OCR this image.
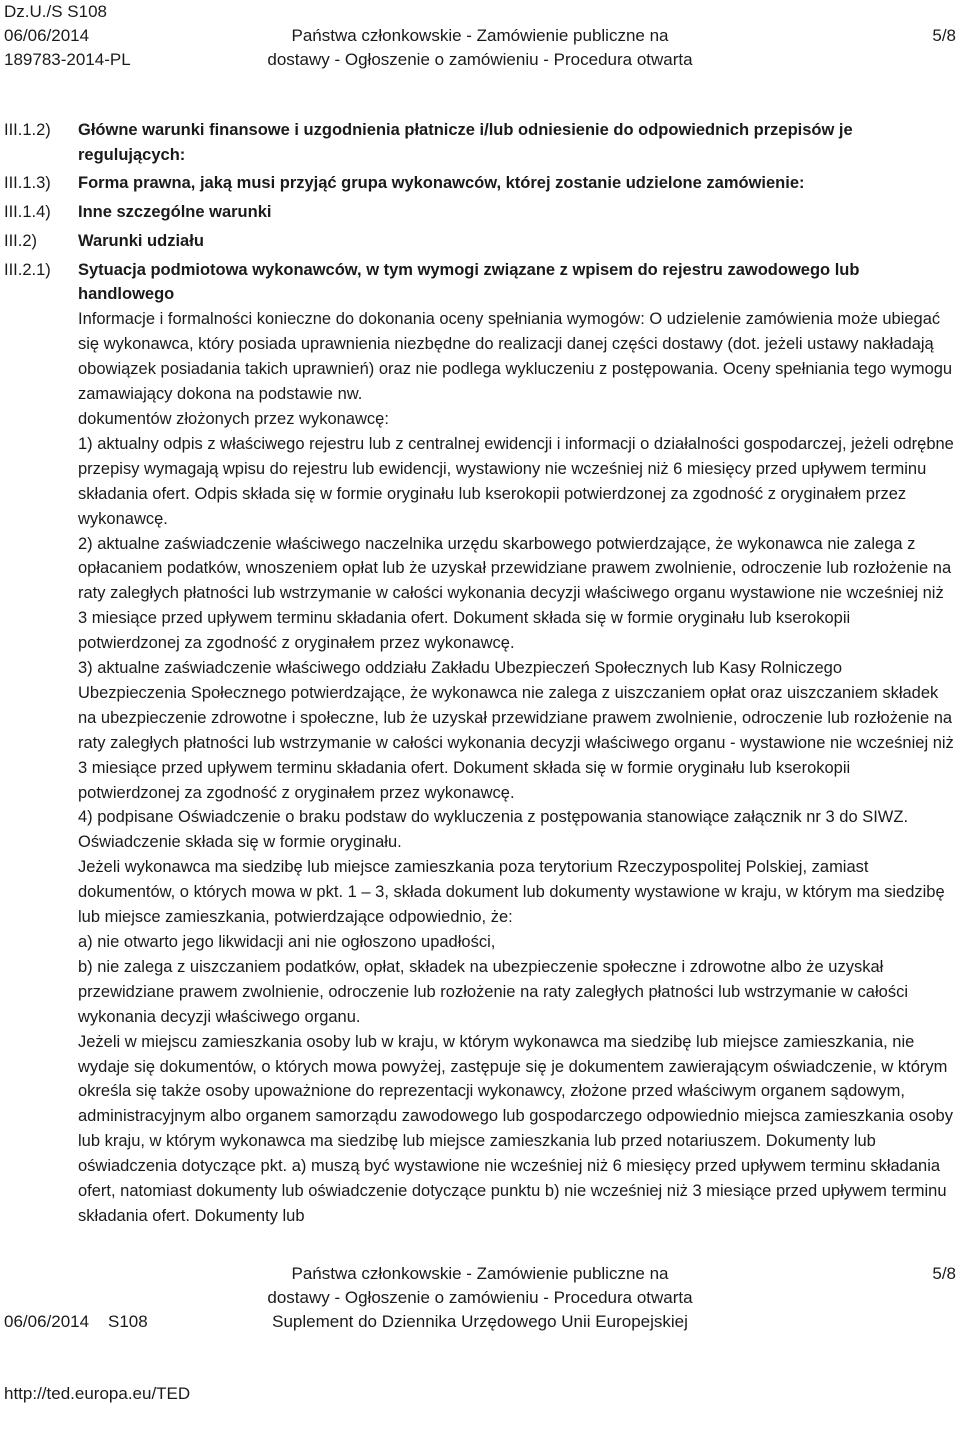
Dz.U./S S108
06/06/2014
189783-2014-PL
Państwa członkowskie - Zamówienie publiczne na
dostawy - Ogłoszenie o zamówieniu - Procedura otwarta
5/8
III.1.2)	Główne warunki finansowe i uzgodnienia płatnicze i/lub odniesienie do odpowiednich przepisów je regulujących:
III.1.3)	Forma prawna, jaką musi przyjąć grupa wykonawców, której zostanie udzielone zamówienie:
III.1.4)	Inne szczególne warunki
III.2)	Warunki udziału
III.2.1)	Sytuacja podmiotowa wykonawców, w tym wymogi związane z wpisem do rejestru zawodowego lub handlowego

Informacje i formalności konieczne do dokonania oceny spełniania wymogów: O udzielenie zamówienia może ubiegać się wykonawca, który posiada uprawnienia niezbędne do realizacji danej części dostawy (dot. jeżeli ustawy nakładają obowiązek posiadania takich uprawnień) oraz nie podlega wykluczeniu z postępowania. Oceny spełniania tego wymogu zamawiający dokona na podstawie nw.

dokumentów złożonych przez wykonawcę:

1) aktualny odpis z właściwego rejestru lub z centralnej ewidencji i informacji o działalności gospodarczej, jeżeli odrębne przepisy wymagają wpisu do rejestru lub ewidencji, wystawiony nie wcześniej niż 6 miesięcy przed upływem terminu składania ofert. Odpis składa się w formie oryginału lub kserokopii potwierdzonej za zgodność z oryginałem przez wykonawcę.

2) aktualne zaświadczenie właściwego naczelnika urzędu skarbowego potwierdzające, że wykonawca nie zalega z opłacaniem podatków, wnoszeniem opłat lub że uzyskał przewidziane prawem zwolnienie, odroczenie lub rozłożenie na raty zaległych płatności lub wstrzymanie w całości wykonania decyzji właściwego organu wystawione nie wcześniej niż 3 miesiące przed upływem terminu składania ofert. Dokument składa się w formie oryginału lub kserokopii potwierdzonej za zgodność z oryginałem przez wykonawcę.

3) aktualne zaświadczenie właściwego oddziału Zakładu Ubezpieczeń Społecznych lub Kasy Rolniczego Ubezpieczenia Społecznego potwierdzające, że wykonawca nie zalega z uiszczaniem opłat oraz uiszczaniem składek na ubezpieczenie zdrowotne i społeczne, lub że uzyskał przewidziane prawem zwolnienie, odroczenie lub rozłożenie na raty zaległych płatności lub wstrzymanie w całości wykonania decyzji właściwego organu - wystawione nie wcześniej niż 3 miesiące przed upływem terminu składania ofert. Dokument składa się w formie oryginału lub kserokopii potwierdzonej za zgodność z oryginałem przez wykonawcę.

4) podpisane Oświadczenie o braku podstaw do wykluczenia z postępowania stanowiące załącznik nr 3 do SIWZ. Oświadczenie składa się w formie oryginału.

Jeżeli wykonawca ma siedzibę lub miejsce zamieszkania poza terytorium Rzeczypospolitej Polskiej, zamiast dokumentów, o których mowa w pkt. 1 – 3, składa dokument lub dokumenty wystawione w kraju, w którym ma siedzibę lub miejsce zamieszkania, potwierdzające odpowiednio, że:

a) nie otwarto jego likwidacji ani nie ogłoszono upadłości,

b) nie zalega z uiszczaniem podatków, opłat, składek na ubezpieczenie społeczne i zdrowotne albo że uzyskał przewidziane prawem zwolnienie, odroczenie lub rozłożenie na raty zaległych płatności lub wstrzymanie w całości wykonania decyzji właściwego organu.

Jeżeli w miejscu zamieszkania osoby lub w kraju, w którym wykonawca ma siedzibę lub miejsce zamieszkania, nie wydaje się dokumentów, o których mowa powyżej, zastępuje się je dokumentem zawierającym oświadczenie, w którym określa się także osoby upoważnione do reprezentacji wykonawcy, złożone przed właściwym organem sądowym, administracyjnym albo organem samorządu zawodowego lub gospodarczego odpowiednio miejsca zamieszkania osoby lub kraju, w którym wykonawca ma siedzibę lub miejsce zamieszkania lub przed notariuszem. Dokumenty lub oświadczenia dotyczące pkt. a) muszą być wystawione nie wcześniej niż 6 miesięcy przed upływem terminu składania ofert, natomiast dokumenty lub oświadczenie dotyczące punktu b) nie wcześniej niż 3 miesiące przed upływem terminu składania ofert. Dokumenty lub

06/06/2014    S108

http://ted.europa.eu/TED

Państwa członkowskie - Zamówienie publiczne na
dostawy - Ogłoszenie o zamówieniu - Procedura otwarta
Suplement do Dziennika Urzędowego Unii Europejskiej
5/8
